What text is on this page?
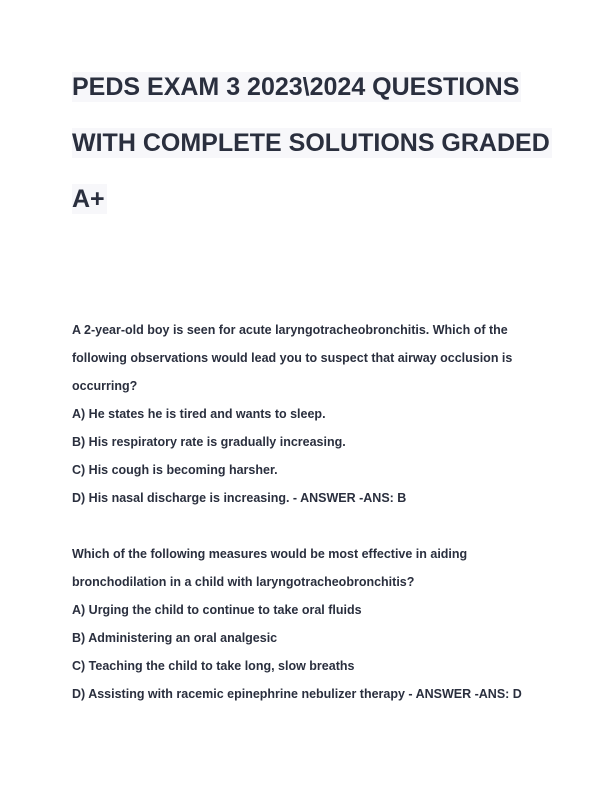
PEDS EXAM 3 2023\2024 QUESTIONS
WITH COMPLETE SOLUTIONS GRADED
A+
A 2-year-old boy is seen for acute laryngotracheobronchitis. Which of the
following observations would lead you to suspect that airway occlusion is
occurring?
A) He states he is tired and wants to sleep.
B) His respiratory rate is gradually increasing.
C) His cough is becoming harsher.
D) His nasal discharge is increasing. - ANSWER -ANS: B
Which of the following measures would be most effective in aiding
bronchodilation in a child with laryngotracheobronchitis?
A) Urging the child to continue to take oral fluids
B) Administering an oral analgesic
C) Teaching the child to take long, slow breaths
D) Assisting with racemic epinephrine nebulizer therapy - ANSWER -ANS: D
